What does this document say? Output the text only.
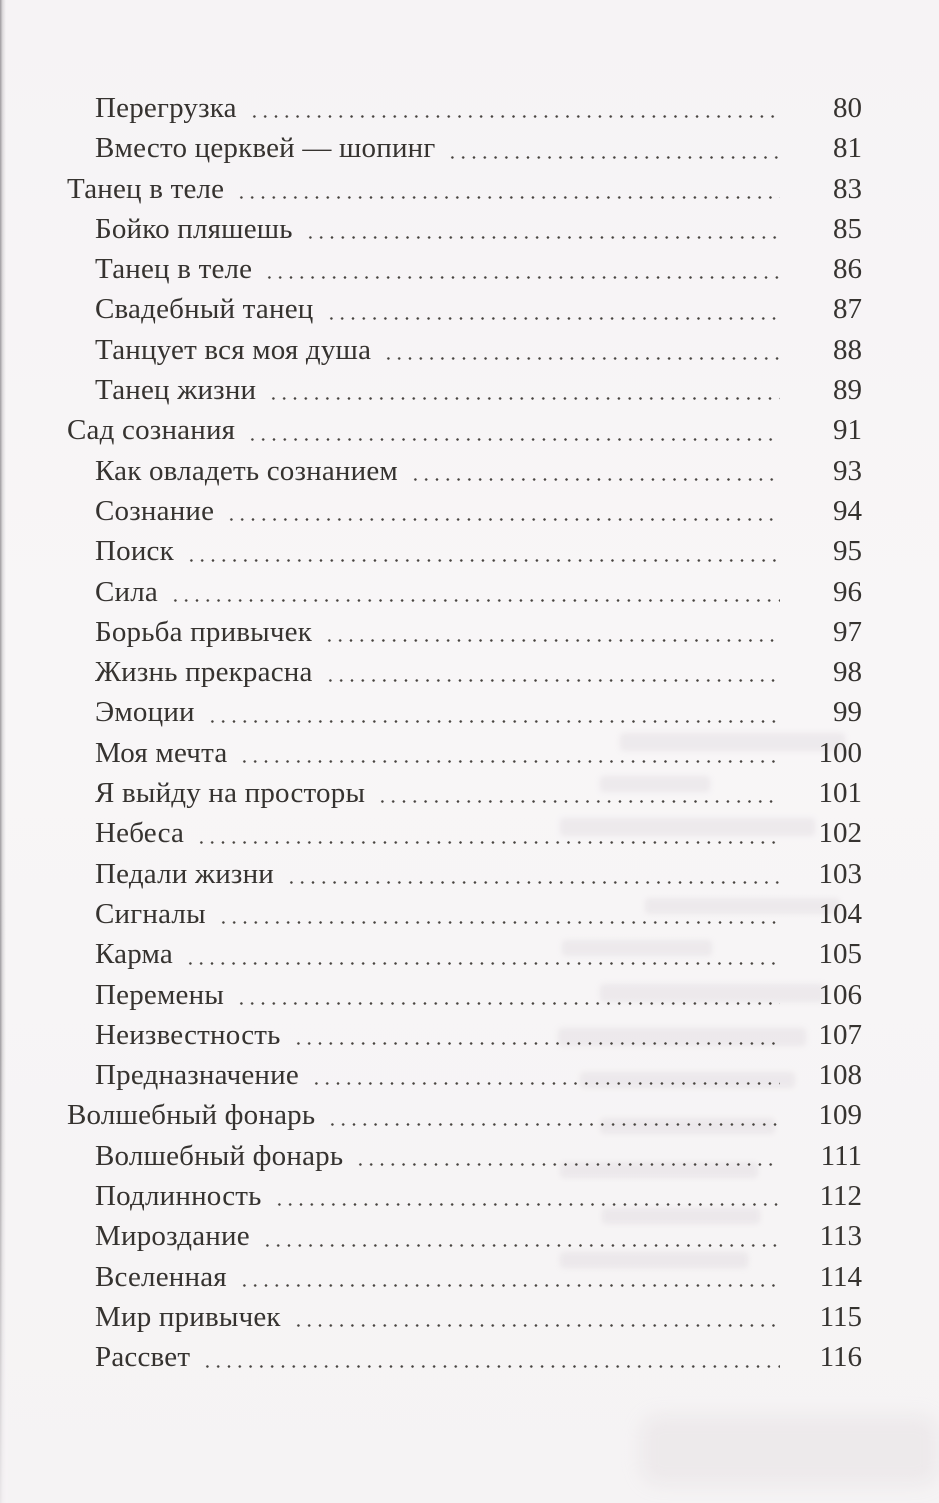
Перегрузка	80
Вместо церквей — шопинг	81
Танец в теле	83
Бойко пляшешь	85
Танец в теле	86
Свадебный танец	87
Танцует вся моя душа	88
Танец жизни	89
Сад сознания	91
Как овладеть сознанием	93
Сознание	94
Поиск	95
Сила	96
Борьба привычек	97
Жизнь прекрасна	98
Эмоции	99
Моя мечта	100
Я выйду на просторы	101
Небеса	102
Педали жизни	103
Сигналы	104
Карма	105
Перемены	106
Неизвестность	107
Предназначение	108
Волшебный фонарь	109
Волшебный фонарь	111
Подлинность	112
Мироздание	113
Вселенная	114
Мир привычек	115
Рассвет	116
